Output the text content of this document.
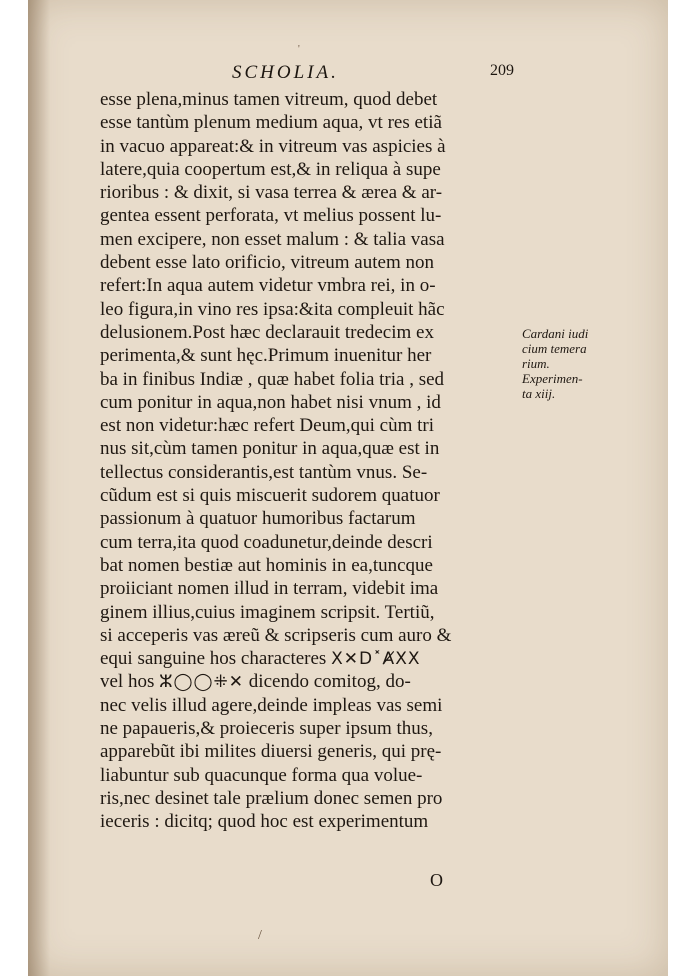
'
SCHOLIA.	209
esse plena,minus tamen vitreum, quod debet
esse tantùm plenum medium aqua, vt res etiã
in vacuo appareat:& in vitreum vas aspicies à
latere,quia coopertum est,& in reliqua à supe
rioribus : & dixit, si vasa terrea & ærea & ar-
gentea essent perforata, vt melius possent lu-
men excipere, non esset malum : & talia vasa
debent esse lato orificio, vitreum autem non
refert:In aqua autem videtur vmbra rei, in o-
leo figura,in vino res ipsa:&ita compleuit hãc
delusionem.Post hæc declarauit tredecim ex
perimenta,& sunt hęc.Primum inuenitur her
ba in finibus Indiæ , quæ habet folia tria , sed
cum ponitur in aqua,non habet nisi vnum , id
est non videtur:hæc refert Deum,qui cùm tri
nus sit,cùm tamen ponitur in aqua,quæ est in
tellectus considerantis,est tantùm vnus. Se-
cũdum est si quis miscuerit sudorem quatuor
passionum à quatuor humoribus factarum
cum terra,ita quod coadunetur,deinde descri
bat nomen bestiæ aut hominis in ea,tuncque
proiiciant nomen illud in terram, videbit ima
ginem illius,cuius imaginem scripsit. Tertiũ,
si acceperis vas æreũ & scripseris cum auro &
equi sanguine hos characteres ⵝ✕D˟ȺXX
vel hos ⵣ◯◯⁜✕ dicendo comitog, do-
nec velis illud agere,deinde impleas vas semi
ne papaueris,& proieceris super ipsum thus,
apparebũt ibi milites diuersi generis, qui prę-
liabuntur sub quacunque forma qua volue-
ris,nec desinet tale prælium donec semen pro
ieceris : dicitq; quod hoc est experimentum
Cardani iudi
cium temera
rium.
Experimen-
ta xiij.
O
/
